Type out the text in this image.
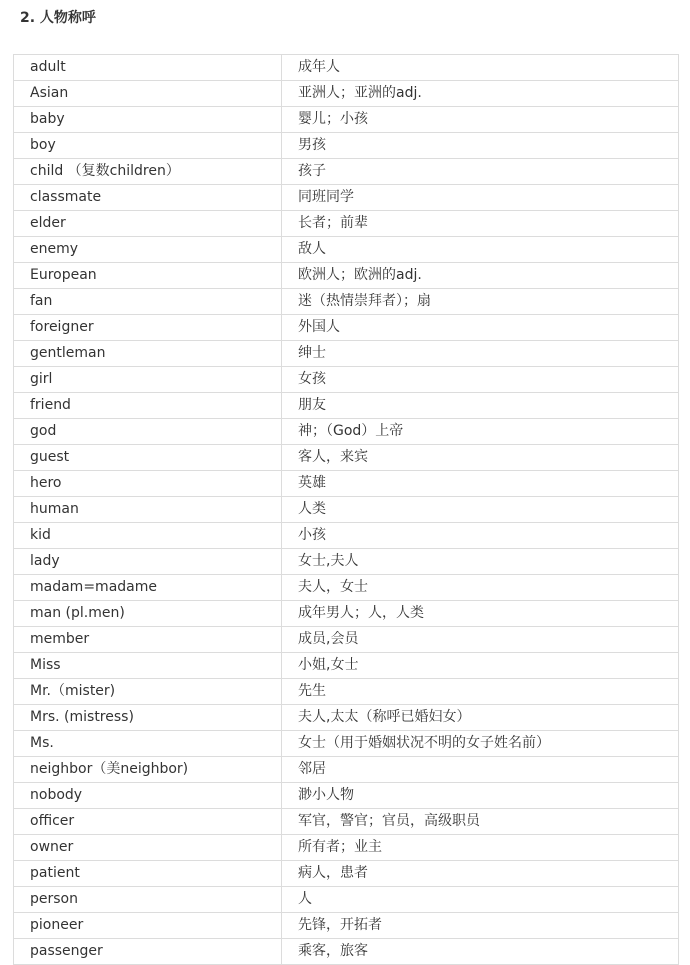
2. 人物称呼
adult	成年人
Asian	亚洲人；亚洲的adj.
baby	婴儿；小孩
boy	男孩
child （复数children）	孩子
classmate	同班同学
elder	长者；前辈
enemy	敌人
European	欧洲人；欧洲的adj.
fan	迷（热情崇拜者）；扇
foreigner	外国人
gentleman	绅士
girl	女孩
friend	朋友
god	神；（God）上帝
guest	客人，来宾
hero	英雄
human	人类
kid	小孩
lady	女士,夫人
madam=madame	夫人，女士
man (pl.men)	成年男人；人，人类
member	成员,会员
Miss	小姐,女士
Mr.（mister)	先生
Mrs. (mistress)	夫人,太太（称呼已婚妇女）
Ms.	女士（用于婚姻状况不明的女子姓名前）
neighbor（美neighbor)	邻居
nobody	渺小人物
officer	军官，警官；官员，高级职员
owner	所有者；业主
patient	病人，患者
person	人
pioneer	先锋，开拓者
passenger	乘客，旅客
